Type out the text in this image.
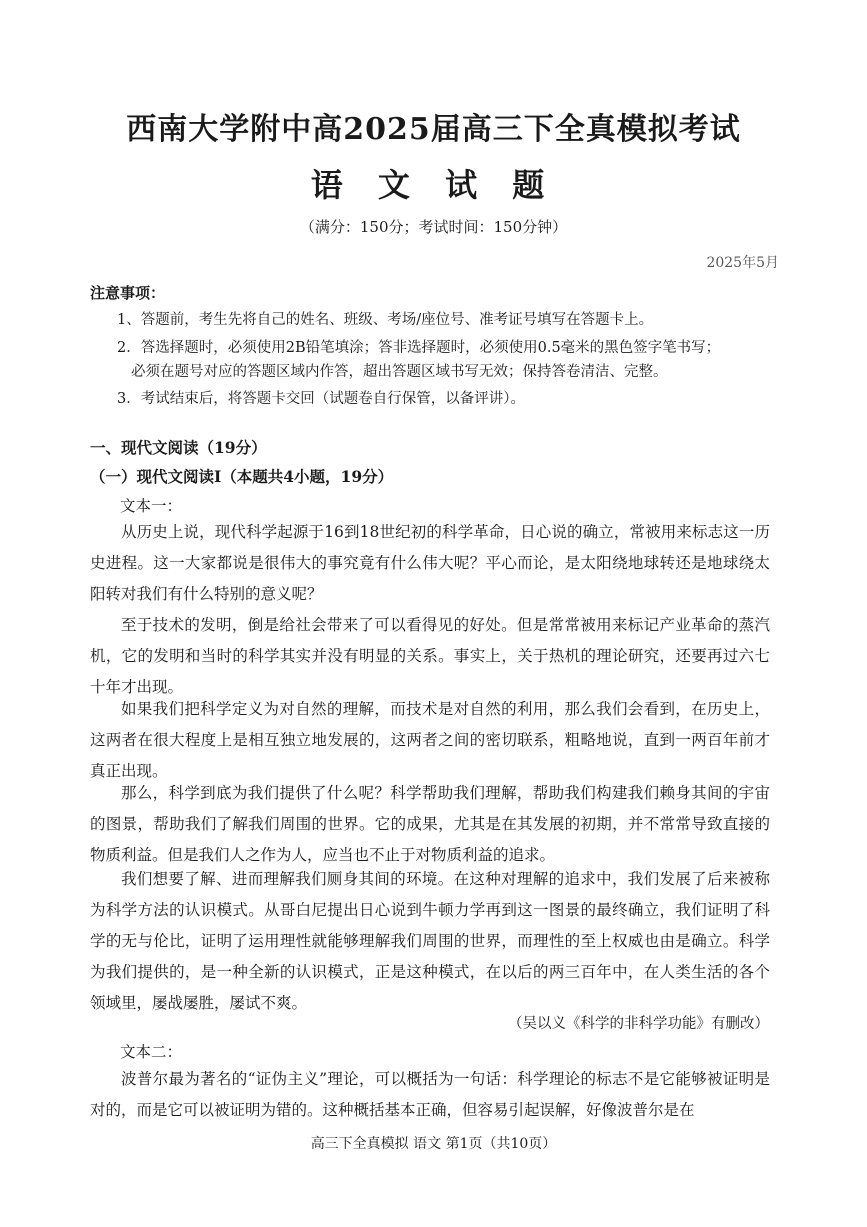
西南大学附中高2025届高三下全真模拟考试
语 文 试 题
（满分：150分；考试时间：150分钟）
2025年5月
注意事项：
1、答题前，考生先将自己的姓名、班级、考场/座位号、准考证号填写在答题卡上。
2．答选择题时，必须使用2B铅笔填涂；答非选择题时，必须使用0.5毫米的黑色签字笔书写；
必须在题号对应的答题区域内作答，超出答题区域书写无效；保持答卷清洁、完整。
3．考试结束后，将答题卡交回（试题卷自行保管，以备评讲）。
一、现代文阅读（19分）
（一）现代文阅读Ⅰ（本题共4小题，19分）
文本一：
从历史上说，现代科学起源于16到18世纪初的科学革命，日心说的确立，常被用来标志这一历史进程。这一大家都说是很伟大的事究竟有什么伟大呢？平心而论，是太阳绕地球转还是地球绕太阳转对我们有什么特别的意义呢？
至于技术的发明，倒是给社会带来了可以看得见的好处。但是常常被用来标记产业革命的蒸汽机，它的发明和当时的科学其实并没有明显的关系。事实上，关于热机的理论研究，还要再过六七十年才出现。
如果我们把科学定义为对自然的理解，而技术是对自然的利用，那么我们会看到，在历史上，这两者在很大程度上是相互独立地发展的，这两者之间的密切联系，粗略地说，直到一两百年前才真正出现。
那么，科学到底为我们提供了什么呢？科学帮助我们理解，帮助我们构建我们赖身其间的宇宙的图景，帮助我们了解我们周围的世界。它的成果，尤其是在其发展的初期，并不常常导致直接的物质利益。但是我们人之作为人，应当也不止于对物质利益的追求。
我们想要了解、进而理解我们厕身其间的环境。在这种对理解的追求中，我们发展了后来被称为科学方法的认识模式。从哥白尼提出日心说到牛顿力学再到这一图景的最终确立，我们证明了科学的无与伦比，证明了运用理性就能够理解我们周围的世界，而理性的至上权威也由是确立。科学为我们提供的，是一种全新的认识模式，正是这种模式，在以后的两三百年中，在人类生活的各个领域里，屡战屡胜，屡试不爽。
（吴以义《科学的非科学功能》有删改）
文本二：
波普尔最为著名的“证伪主义”理论，可以概括为一句话：科学理论的标志不是它能够被证明是对的，而是它可以被证明为错的。这种概括基本正确，但容易引起误解，好像波普尔是在
高三下全真模拟 语文 第1页（共10页）
